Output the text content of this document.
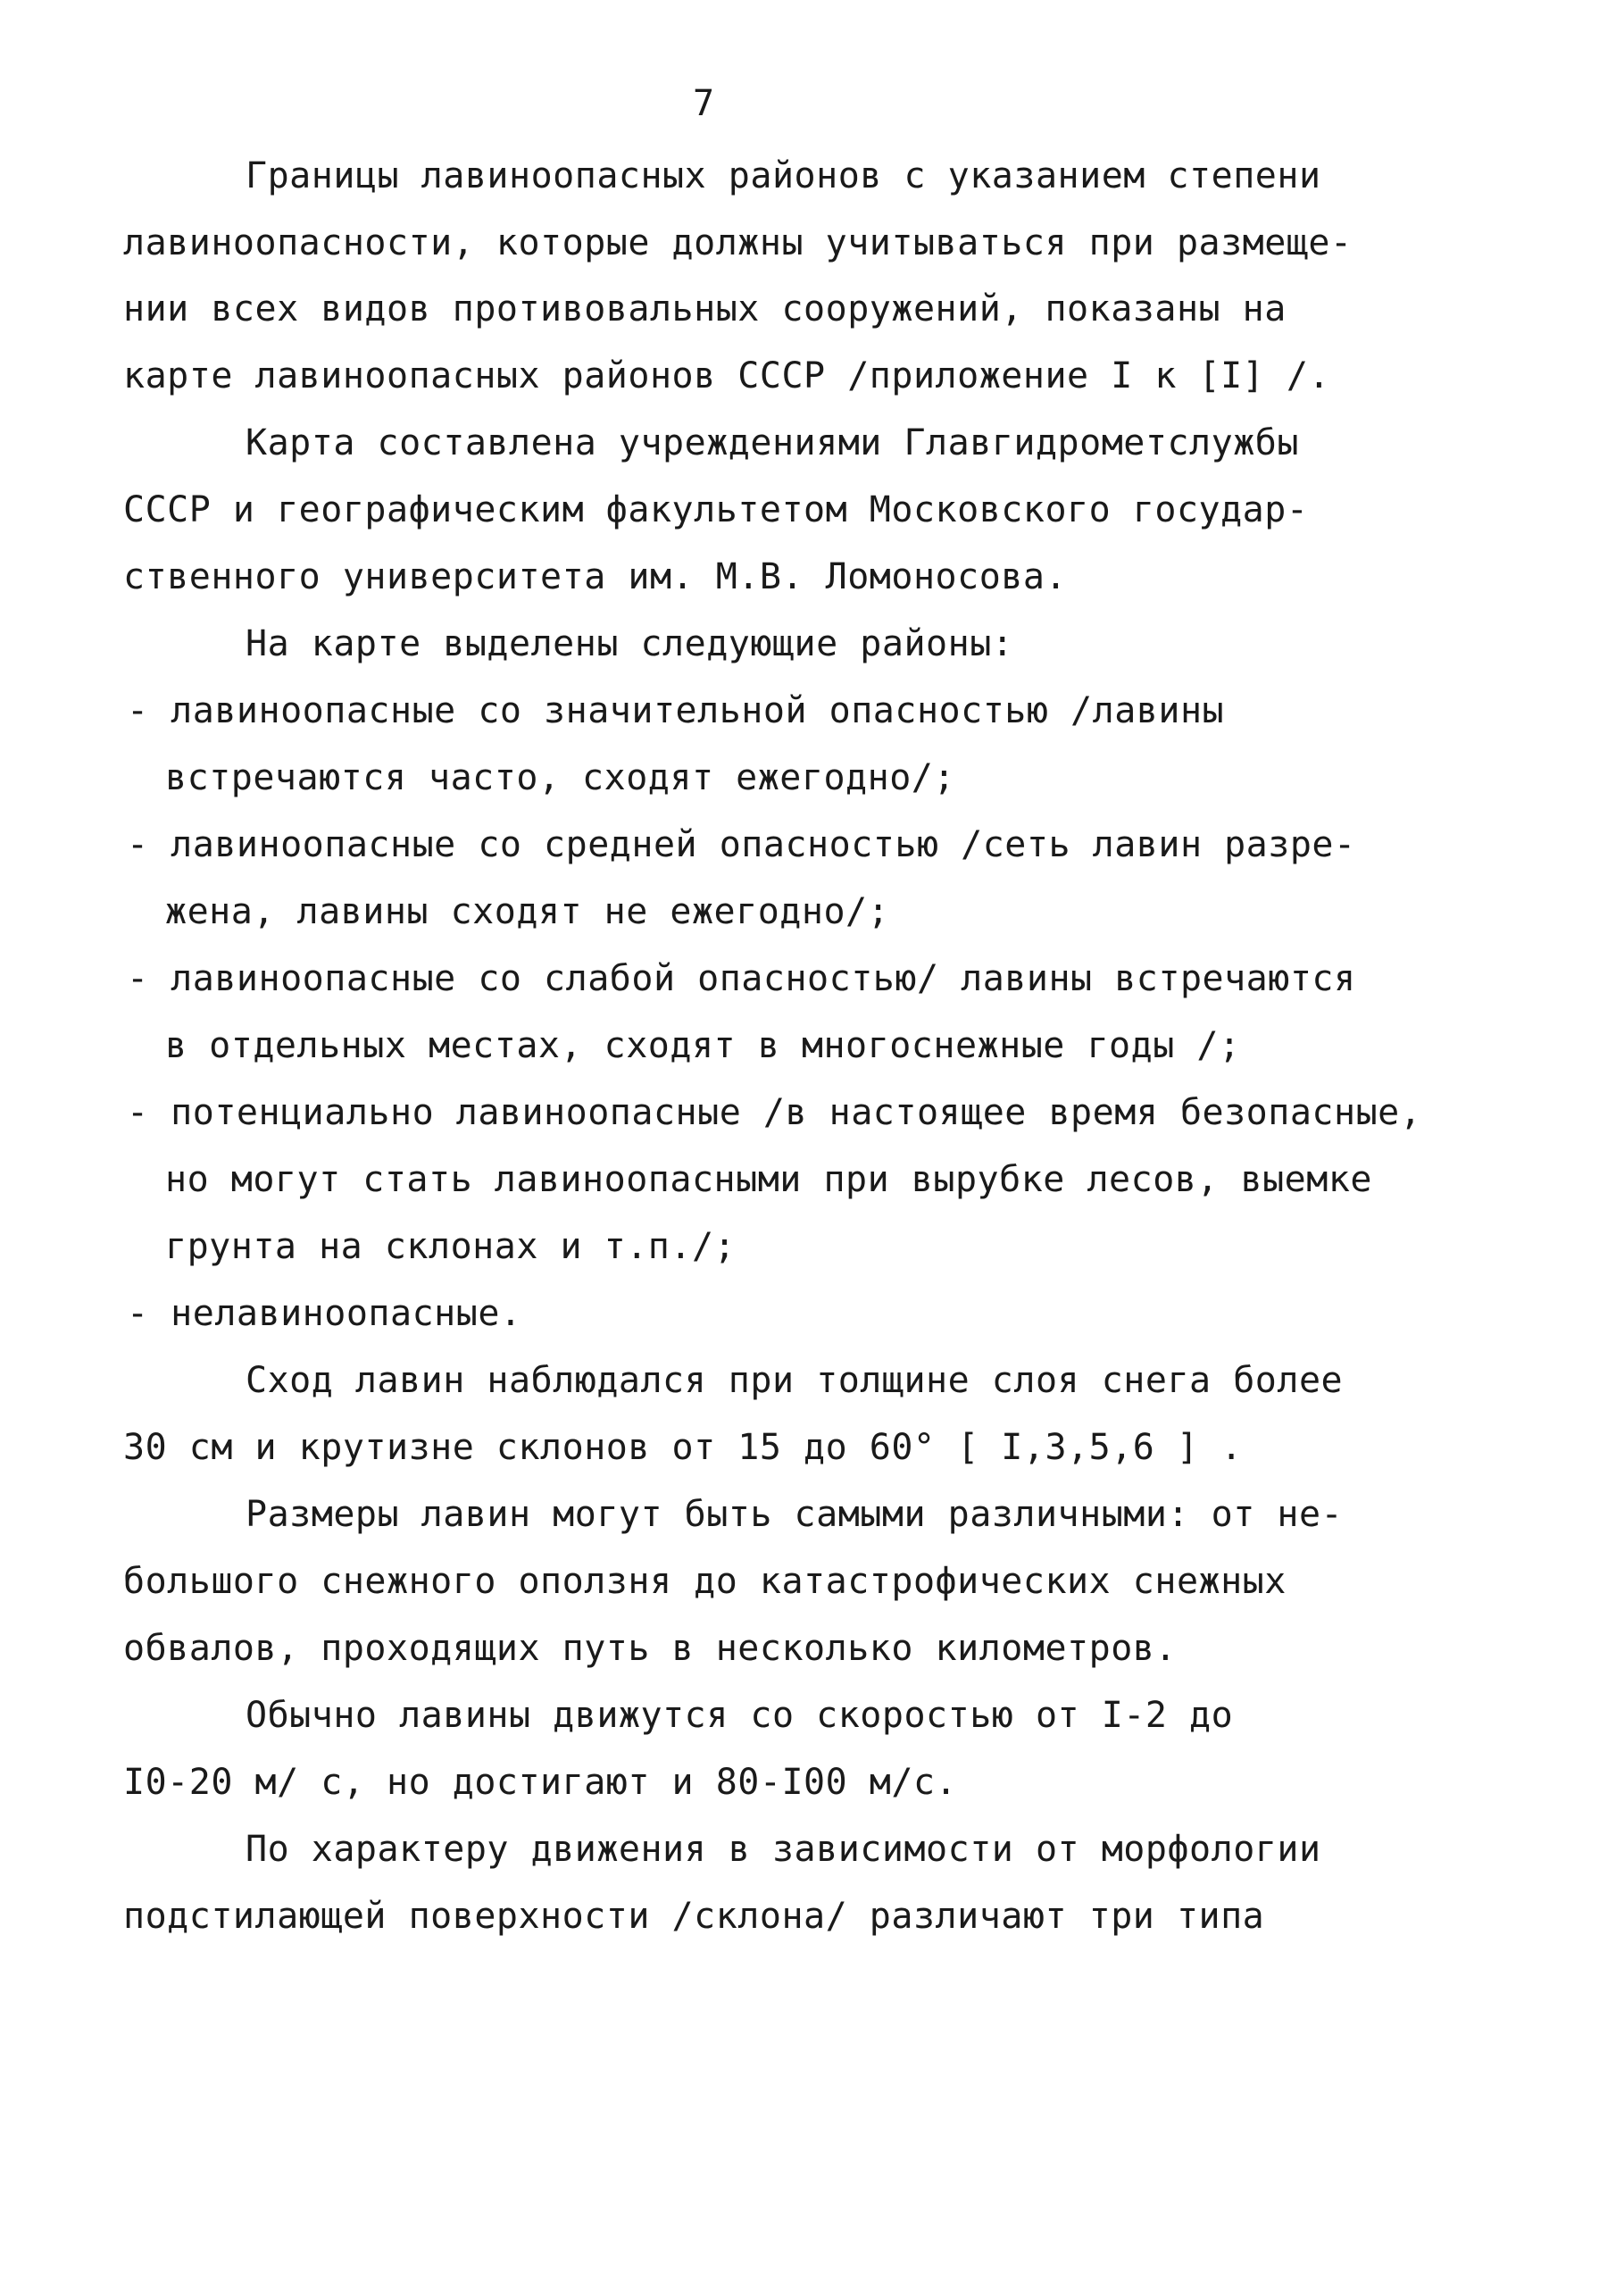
7
Границы лавиноопасных районов с указанием степени
лавиноопасности, которые должны учитываться при размеще-
нии всех видов противовальных сооружений, показаны на
карте лавиноопасных районов СССР /приложение I к [I] /.
Карта составлена учреждениями Главгидрометслужбы
СССР и географическим факультетом Московского государ-
ственного университета им. М.В. Ломоносова.
На карте выделены следующие районы:
- лавиноопасные со значительной опасностью /лавины
встречаются часто, сходят ежегодно/;
- лавиноопасные со средней опасностью /сеть лавин разре-
жена, лавины сходят не ежегодно/;
- лавиноопасные со слабой опасностью/ лавины встречаются
в отдельных местах, сходят в многоснежные годы /;
- потенциально лавиноопасные /в настоящее время безопасные,
но могут стать лавиноопасными при вырубке лесов, выемке
грунта на склонах и т.п./;
- нелавиноопасные.
Сход лавин наблюдался при толщине слоя снега более
30 см и крутизне склонов от 15 до 60° [ I,3,5,6 ] .
Размеры лавин могут быть самыми различными: от не-
большого снежного оползня до катастрофических снежных
обвалов, проходящих путь в несколько километров.
Обычно лавины движутся со скоростью от I-2 до
I0-20 м/ с, но достигают и 80-I00 м/с.
По характеру движения в зависимости от морфологии
подстилающей поверхности /склона/ различают три типа
